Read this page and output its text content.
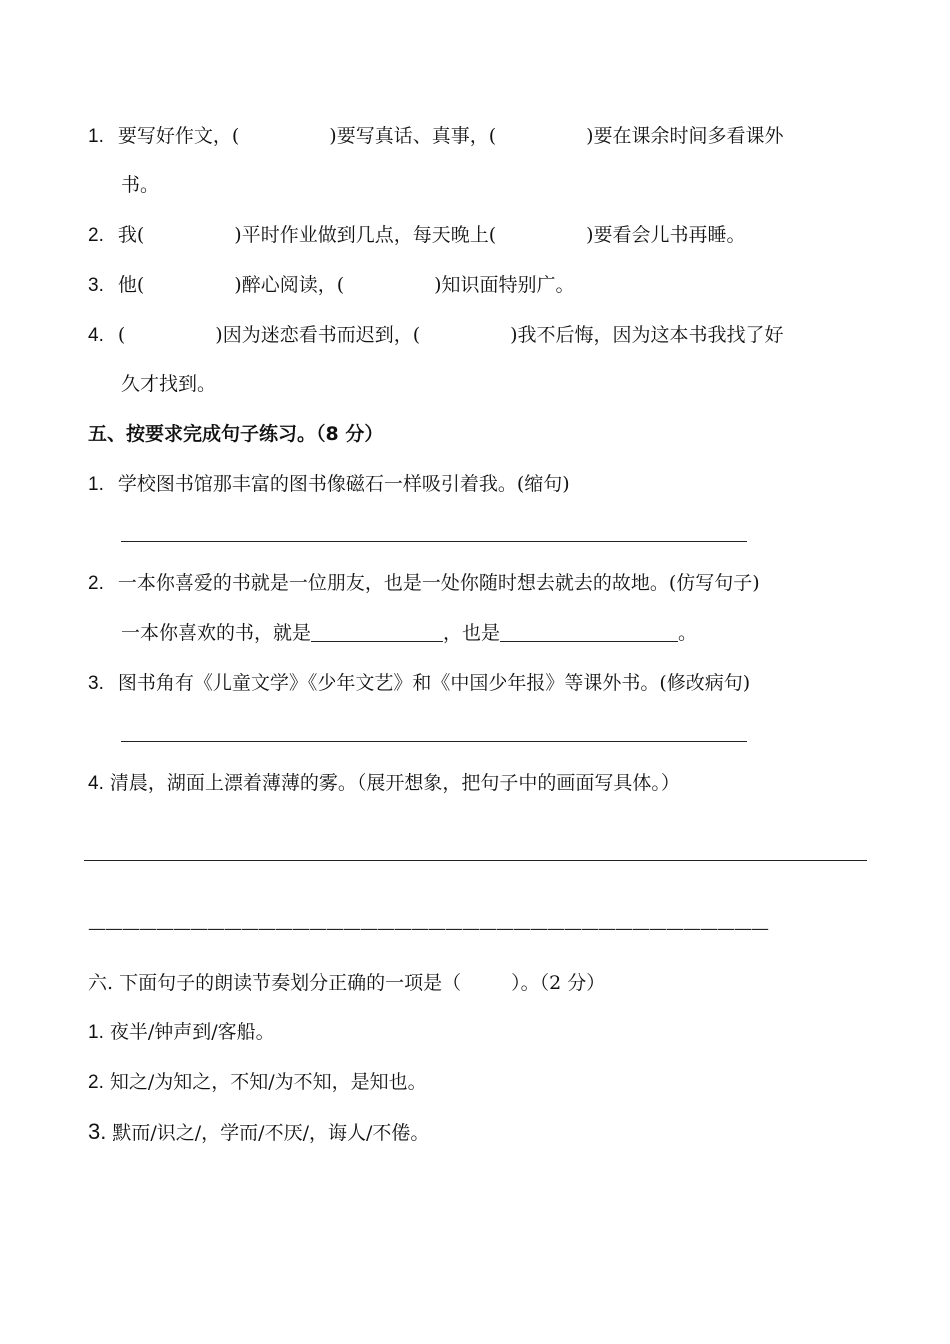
1. 要写好作文，(	)要写真话、真事，(	)要在课余时间多看课外
书。
2. 我(	)平时作业做到几点，每天晚上(	)要看会儿书再睡。
3. 他(	)醉心阅读，(	)知识面特别广。
4. (	)因为迷恋看书而迟到，(	)我不后悔，因为这本书我找了好
久才找到。
五、按要求完成句子练习。（8 分）
1. 学校图书馆那丰富的图书像磁石一样吸引着我。(缩句)
2. 一本你喜爱的书就是一位朋友，也是一处你随时想去就去的故地。(仿写句子)
一本你喜欢的书，就是	，也是	。
3. 图书角有《儿童文学》《少年文艺》和《中国少年报》等课外书。(修改病句)
4. 清晨，湖面上漂着薄薄的雾。（展开想象，把句子中的画面写具体。）
————————————————————————————————————————
六. 下面句子的朗读节奏划分正确的一项是（	）。（2 分）
1. 夜半/钟声到/客船。
2. 知之/为知之，不知/为不知，是知也。
3. 默而/识之/，学而/不厌/，诲人/不倦。
